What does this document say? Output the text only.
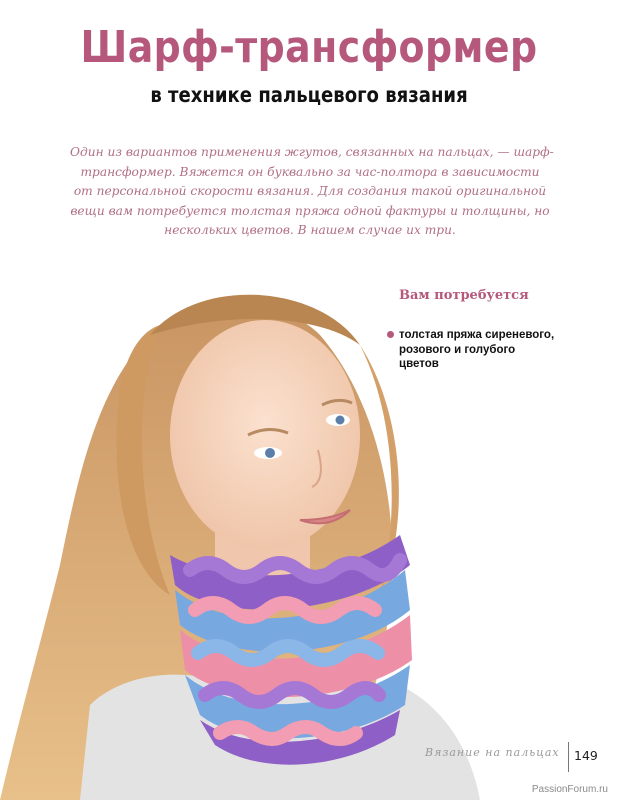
Шарф-трансформер
в технике пальцевого вязания
Один из вариантов применения жгутов, связанных на пальцах, — шарф-
трансформер. Вяжется он буквально за час-полтора в зависимости
от персональной скорости вязания. Для создания такой оригинальной
вещи вам потребуется толстая пряжа одной фактуры и толщины, но
нескольких цветов. В нашем случае их три.
Вам потребуется
толстая пряжа сиреневого,
розового и голубого
цветов
Вязание на пальцах 149
PassionForum.ru
